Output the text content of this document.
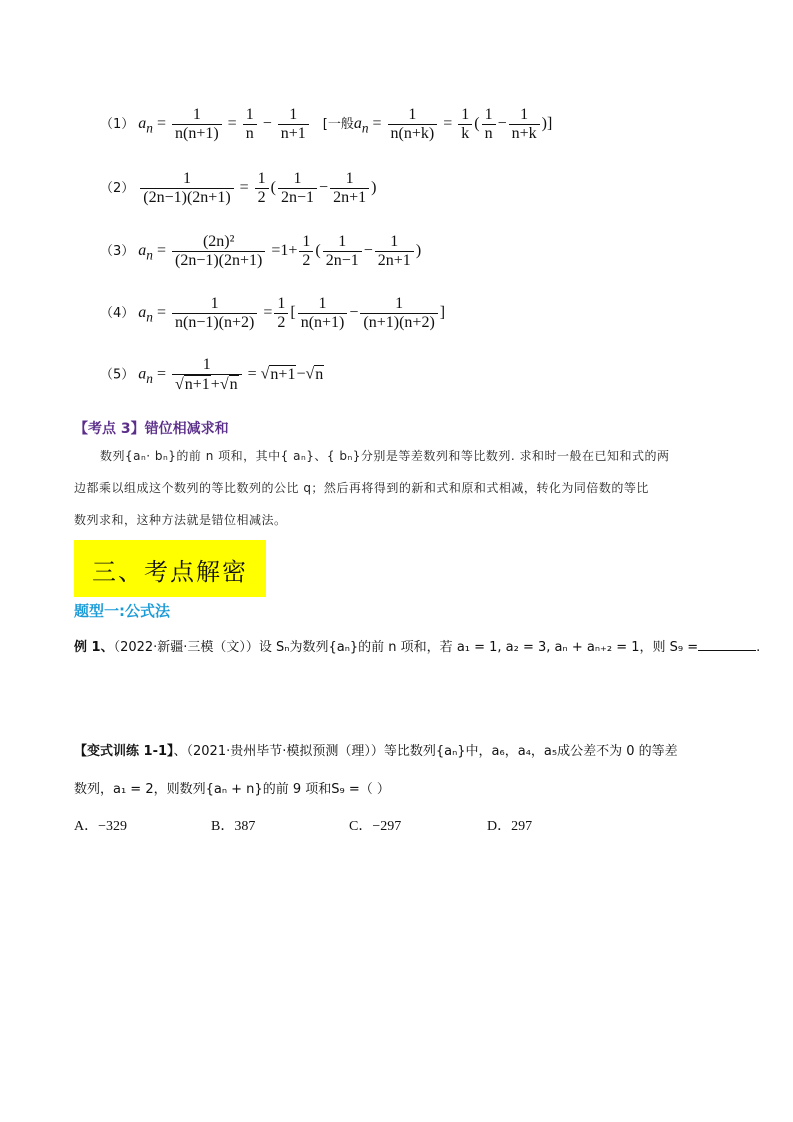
（1） $a_n = \frac{1}{n(n+1)} = \frac{1}{n} - \frac{1}{n+1}$ [一般$a_n = \frac{1}{n(n+k)} = \frac{1}{k}$ ( $\frac{1}{n} - \frac{1}{n+k}$ )]
$(2) \frac{1}{(2n-1)(2n+1)} = \frac{1}{2}$ ( $\frac{1}{2n-1} - \frac{1}{2n+1}$ )
（3） $a_n = \frac{\text{(2n)²}}{(2n-1)(2n+1)} =1+ \frac{1}{2}$ ( $\frac{1}{2n-1} - \frac{1}{2n+1}$ )
（4） $a_n = \frac{1}{n(n-1)(n+2)} = \frac{1}{2}$ [ $\frac{1}{n(n+1)} - \frac{1}{(n+1)(n+2)}$ ]
（5） $a_n = \frac{1}{√n+1+√n} = √n+1-√n$
【考点 3】错位相减求和
数列{aₙ· bₙ}的前 n 项和，其中{ aₙ}、{ bₙ}分别是等差数列和等比数列. 求和时一般在已知和式的两
边都乘以组成这个数列的等比数列的公比 q；然后再将得到的新和式和原和式相减，转化为同倍数的等比
数列求和，这种方法就是错位相减法。
三、考点解密
题型一:公式法
例 1、（2022·新疆·三模（文））设 Sₙ为数列{aₙ}的前 n 项和，若 a₁ = 1, a₂ = 3, aₙ + aₙ₊₂ = 1，则 S₉ =	.
【变式训练 1-1】、（2021·贵州毕节·模拟预测（理））等比数列{aₙ}中，a₆，a₄，a₅成公差不为 0 的等差
数列，a₁ = 2，则数列{aₙ + n}的前 9 项和S₉ =（ ）
A．−329	B．387	C．−297	D．297
